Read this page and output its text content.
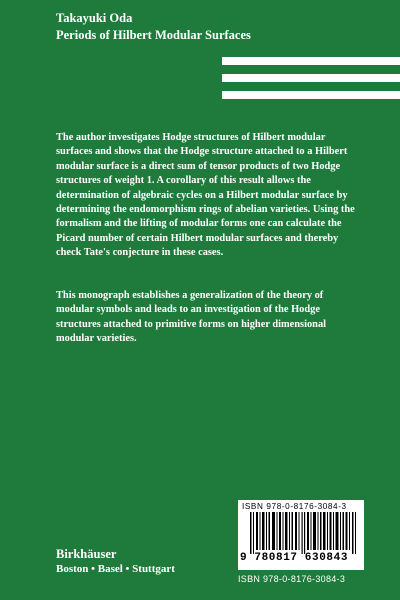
Takayuki Oda
Periods of Hilbert Modular Surfaces
The author investigates Hodge structures of Hilbert modular surfaces and shows that the Hodge structure attached to a Hilbert modular surface is a direct sum of tensor products of two Hodge structures of weight 1. A corollary of this result allows the determination of algebraic cycles on a Hilbert modular surface by determining the endomorphism rings of abelian varieties. Using the formalism and the lifting of modular forms one can calculate the Picard number of certain Hilbert modular surfaces and thereby check Tate's conjecture in these cases.
This monograph establishes a generalization of the theory of modular symbols and leads to an investigation of the Hodge structures attached to primitive forms on higher dimensional modular varieties.
Birkhäuser
Boston • Basel • Stuttgart
ISBN 978-0-8176-3084-3
9 780817 630843
ISBN 978-0-8176-3084-3
